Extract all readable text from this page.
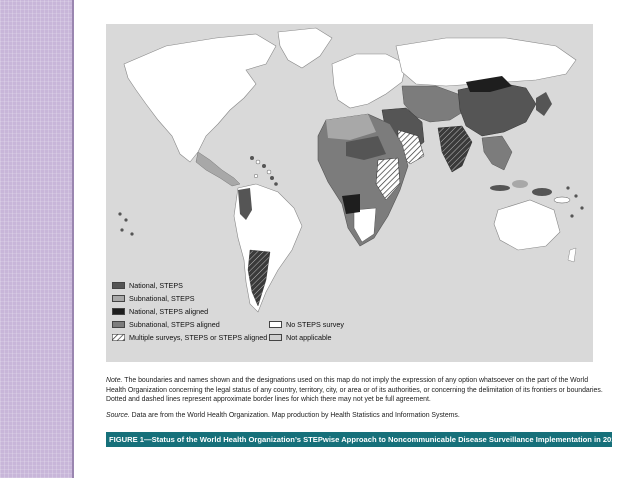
National, STEPS
Subnational, STEPS
National, STEPS aligned
Subnational, STEPS aligned
Multiple surveys, STEPS or STEPS aligned
No STEPS survey
Not applicable
Note. The boundaries and names shown and the designations used on this map do not imply the expression of any option whatsoever on the part of the World Health Organization concerning the legal status of any country, territory, city, or area or of its authorities, or concerning the delimitation of its frontiers or boundaries. Dotted and dashed lines represent approximate border lines for which there may not yet be full agreement.
Source. Data are from the World Health Organization. Map production by Health Statistics and Information Systems.
FIGURE 1—Status of the World Health Organization’s STEPwise Approach to Noncommunicable Disease Surveillance Implementation in 2015
